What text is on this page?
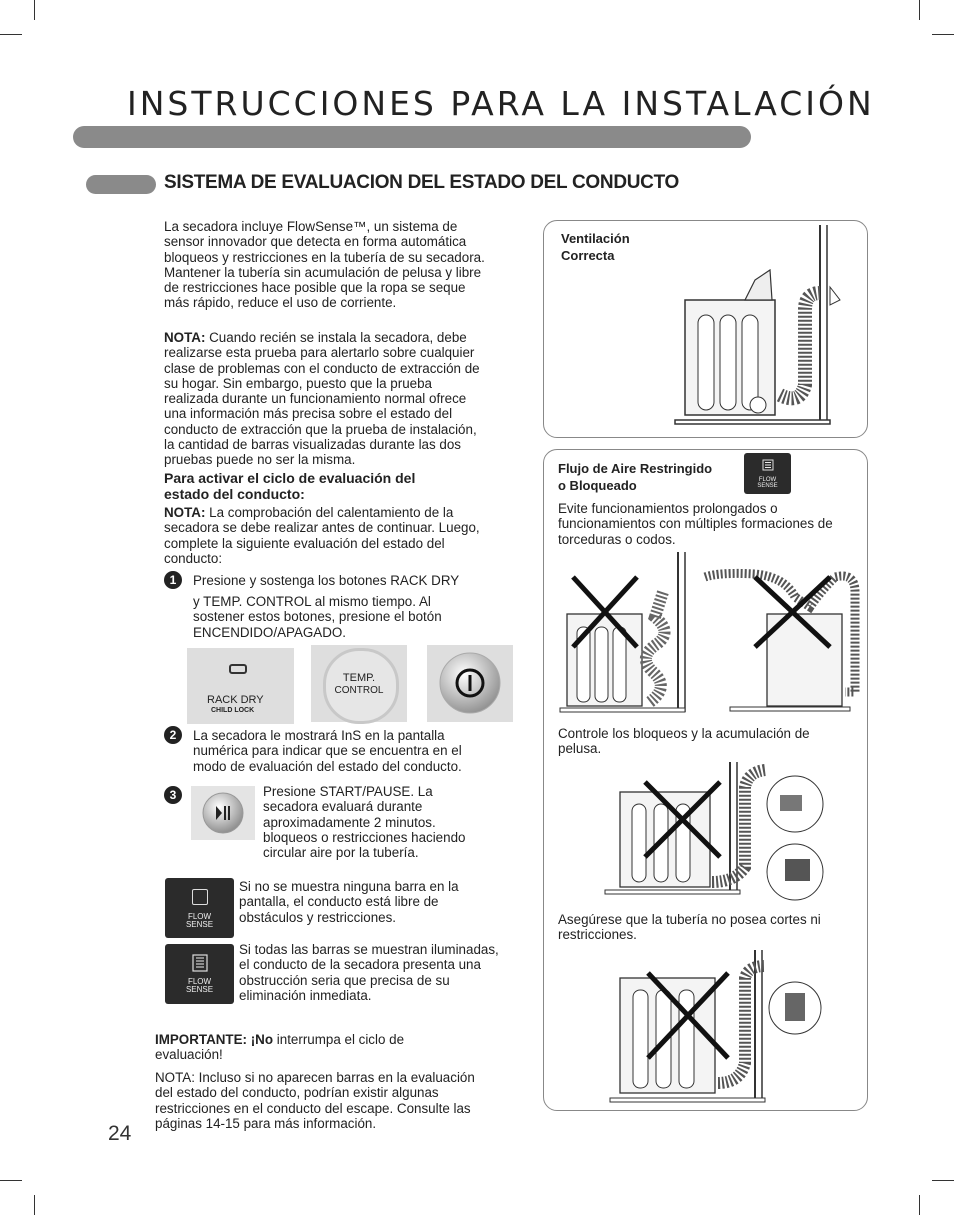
INSTRUCCIONES PARA LA INSTALACIÓN
SISTEMA DE EVALUACION DEL ESTADO DEL CONDUCTO
La secadora incluye FlowSense™, un sistema de sensor innovador que detecta en forma automática bloqueos y restricciones en la tubería de su secadora. Mantener la tubería sin acumulación de pelusa y libre de restricciones hace posible que la ropa se seque más rápido, reduce el uso de corriente.
NOTA: Cuando recién se instala la secadora, debe realizarse esta prueba para alertarlo sobre cualquier clase de problemas con el conducto de extracción de su hogar. Sin embargo, puesto que la prueba realizada durante un funcionamiento normal ofrece una información más precisa sobre el estado del conducto de extracción que la prueba de instalación, la cantidad de barras visualizadas durante las dos pruebas puede no ser la misma.
Para activar el ciclo de evaluación del estado del conducto:
NOTA: La comprobación del calentamiento de la secadora se debe realizar antes de continuar. Luego, complete la siguiente evaluación del estado del conducto:
1	Presione y sostenga los botones RACK DRY
y TEMP. CONTROL al mismo tiempo. Al sostener estos botones, presione el botón ENCENDIDO/APAGADO.
RACK DRY
CHILD LOCK
TEMP.
CONTROL
2	La secadora le mostrará InS en la pantalla numérica para indicar que se encuentra en el modo de evaluación del estado del conducto.
3	Presione START/PAUSE. La secadora evaluará durante aproximadamente 2 minutos. bloqueos o restricciones haciendo circular aire por la tubería.
FLOW
SENSE
Si no se muestra ninguna barra en la pantalla, el conducto está libre de obstáculos y restricciones.
FLOW
SENSE
Si todas las barras se muestran iluminadas, el conducto de la secadora presenta una obstrucción seria que precisa de su eliminación inmediata.
IMPORTANTE: ¡No interrumpa el ciclo de evaluación!
NOTA: Incluso si no aparecen barras en la evaluación del estado del conducto, podrían existir algunas restricciones en el conducto del escape. Consulte las páginas 14-15 para más información.
24
Ventilación
Correcta
Flujo de Aire Restringido
o Bloqueado	FLOW
SENSE
Evite funcionamientos prolongados o funcionamientos con múltiples formaciones de torceduras o codos.
Controle los bloqueos y la acumulación de pelusa.
Asegúrese que la tubería no posea cortes ni restricciones.
